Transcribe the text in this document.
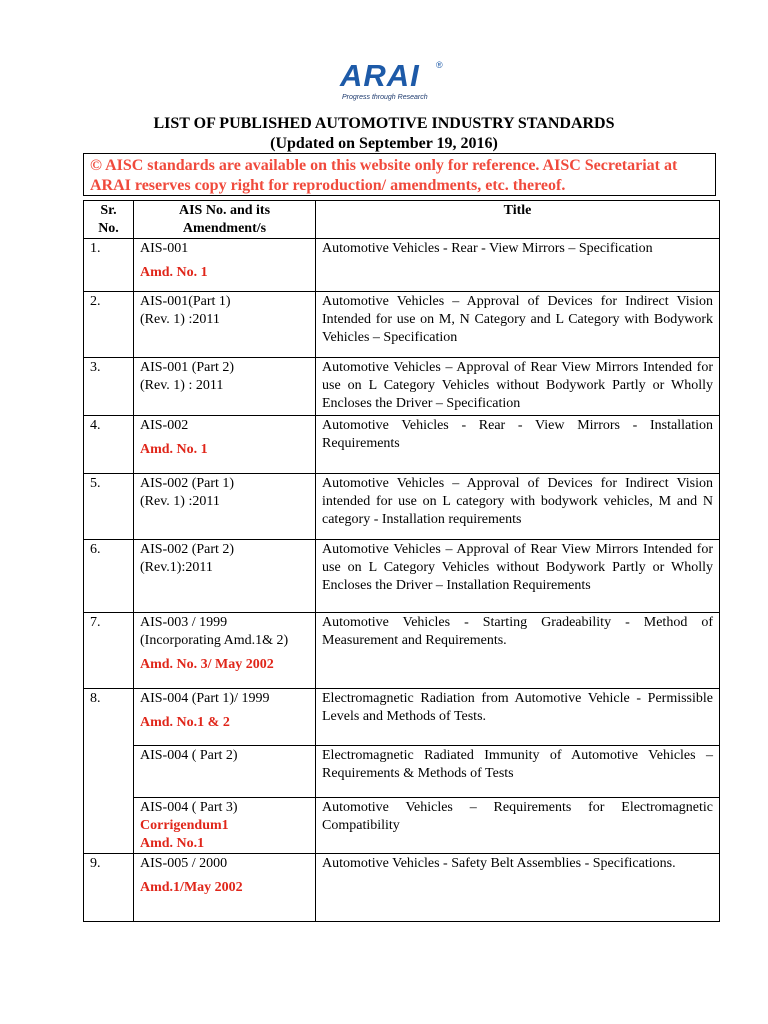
ARAI ®
Progress through Research
LIST OF PUBLISHED AUTOMOTIVE INDUSTRY STANDARDS
(Updated on September 19, 2016)
© AISC standards are available on this website only for reference. AISC Secretariat at
ARAI reserves copy right for reproduction/ amendments, etc. thereof.
Sr.
No.	AIS No. and its
Amendment/s	Title
1.	AIS-001
Amd. No. 1	Automotive Vehicles - Rear - View Mirrors – Specification
2.	AIS-001(Part 1)
(Rev. 1) :2011	Automotive Vehicles – Approval of Devices for Indirect Vision Intended for use on M, N Category and L Category with Bodywork Vehicles – Specification
3.	AIS-001 (Part 2)
(Rev. 1) : 2011	Automotive Vehicles – Approval of Rear View Mirrors Intended for use on L Category Vehicles without Bodywork Partly or Wholly Encloses the Driver – Specification
4.	AIS-002
Amd. No. 1	Automotive Vehicles - Rear - View Mirrors - Installation Requirements
5.	AIS-002 (Part 1)
(Rev. 1) :2011	Automotive Vehicles – Approval of Devices for Indirect Vision intended for use on L category with bodywork vehicles, M and N category - Installation requirements
6.	AIS-002 (Part 2)
(Rev.1):2011	Automotive Vehicles – Approval of Rear View Mirrors Intended for use on L Category Vehicles without Bodywork Partly or Wholly Encloses the Driver – Installation Requirements
7.	AIS-003 / 1999
(Incorporating Amd.1& 2)
Amd. No. 3/ May 2002	Automotive Vehicles - Starting Gradeability - Method of Measurement and Requirements.
8.	AIS-004 (Part 1)/ 1999
Amd. No.1 & 2	Electromagnetic Radiation from Automotive Vehicle - Permissible Levels and Methods of Tests.

	AIS-004 ( Part 2)	Electromagnetic Radiated Immunity of Automotive Vehicles – Requirements & Methods of Tests

	AIS-004 ( Part 3)
Corrigendum1
Amd. No.1	Automotive Vehicles – Requirements for Electromagnetic Compatibility
9.	AIS-005 / 2000
Amd.1/May 2002	Automotive Vehicles - Safety Belt Assemblies - Specifications.
